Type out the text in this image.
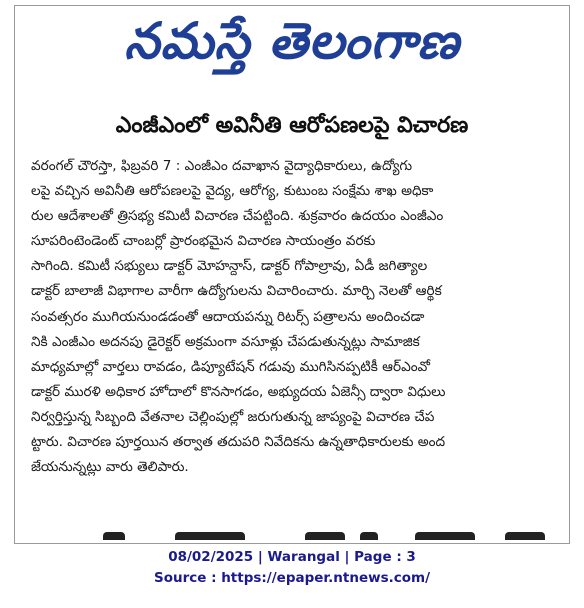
నమస్తే తెలంగాణ
ఎంజీఎంలో అవినీతి ఆరోపణలపై విచారణ
వరంగల్ చౌరస్తా, ఫిబ్రవరి 7 : ఎంజీఎం దవాఖాన వైద్యాధికారులు, ఉద్యోగు
లపై వచ్చిన అవినీతి ఆరోపణలపై వైద్య, ఆరోగ్య, కుటుంబ సంక్షేమ శాఖ అధికా
రుల ఆదేశాలతో త్రిసభ్య కమిటీ విచారణ చేపట్టింది. శుక్రవారం ఉదయం ఎంజీఎం
సూపరింటెండెంట్ చాంబర్లో ప్రారంభమైన విచారణ సాయంత్రం వరకు
సాగింది. కమిటీ సభ్యులు డాక్టర్ మోహన్దాస్, డాక్టర్ గోపాల్రావు, ఏడీ జగిత్యాల
డాక్టర్ బాలాజీ విభాగాల వారీగా ఉద్యోగులను విచారించారు. మార్చి నెలతో ఆర్థిక
సంవత్సరం ముగియనుండడంతో ఆదాయపన్ను రిటర్స్ పత్రాలను అందించడా
నికి ఎంజీఎం అదనపు డైరెక్టర్ అక్రమంగా వసూళ్లు చేపడుతున్నట్లు సామాజిక
మాధ్యమాల్లో వార్తలు రావడం, డిప్యూటేషన్ గడువు ముగిసినప్పటికీ ఆర్ఎంవో
డాక్టర్ మురళి అధికార హోదాలో కొనసాగడం, అభ్యుదయ ఏజెన్సీ ద్వారా విధులు
నిర్వర్తిస్తున్న సిబ్బంది వేతనాల చెల్లింపుల్లో జరుగుతున్న జాప్యంపై విచారణ చేప
ట్టారు. విచారణ పూర్తయిన తర్వాత తదుపరి నివేదికను ఉన్నతాధికారులకు అంద
జేయనున్నట్లు వారు తెలిపారు.
08/02/2025 | Warangal | Page : 3
Source : https://epaper.ntnews.com/
